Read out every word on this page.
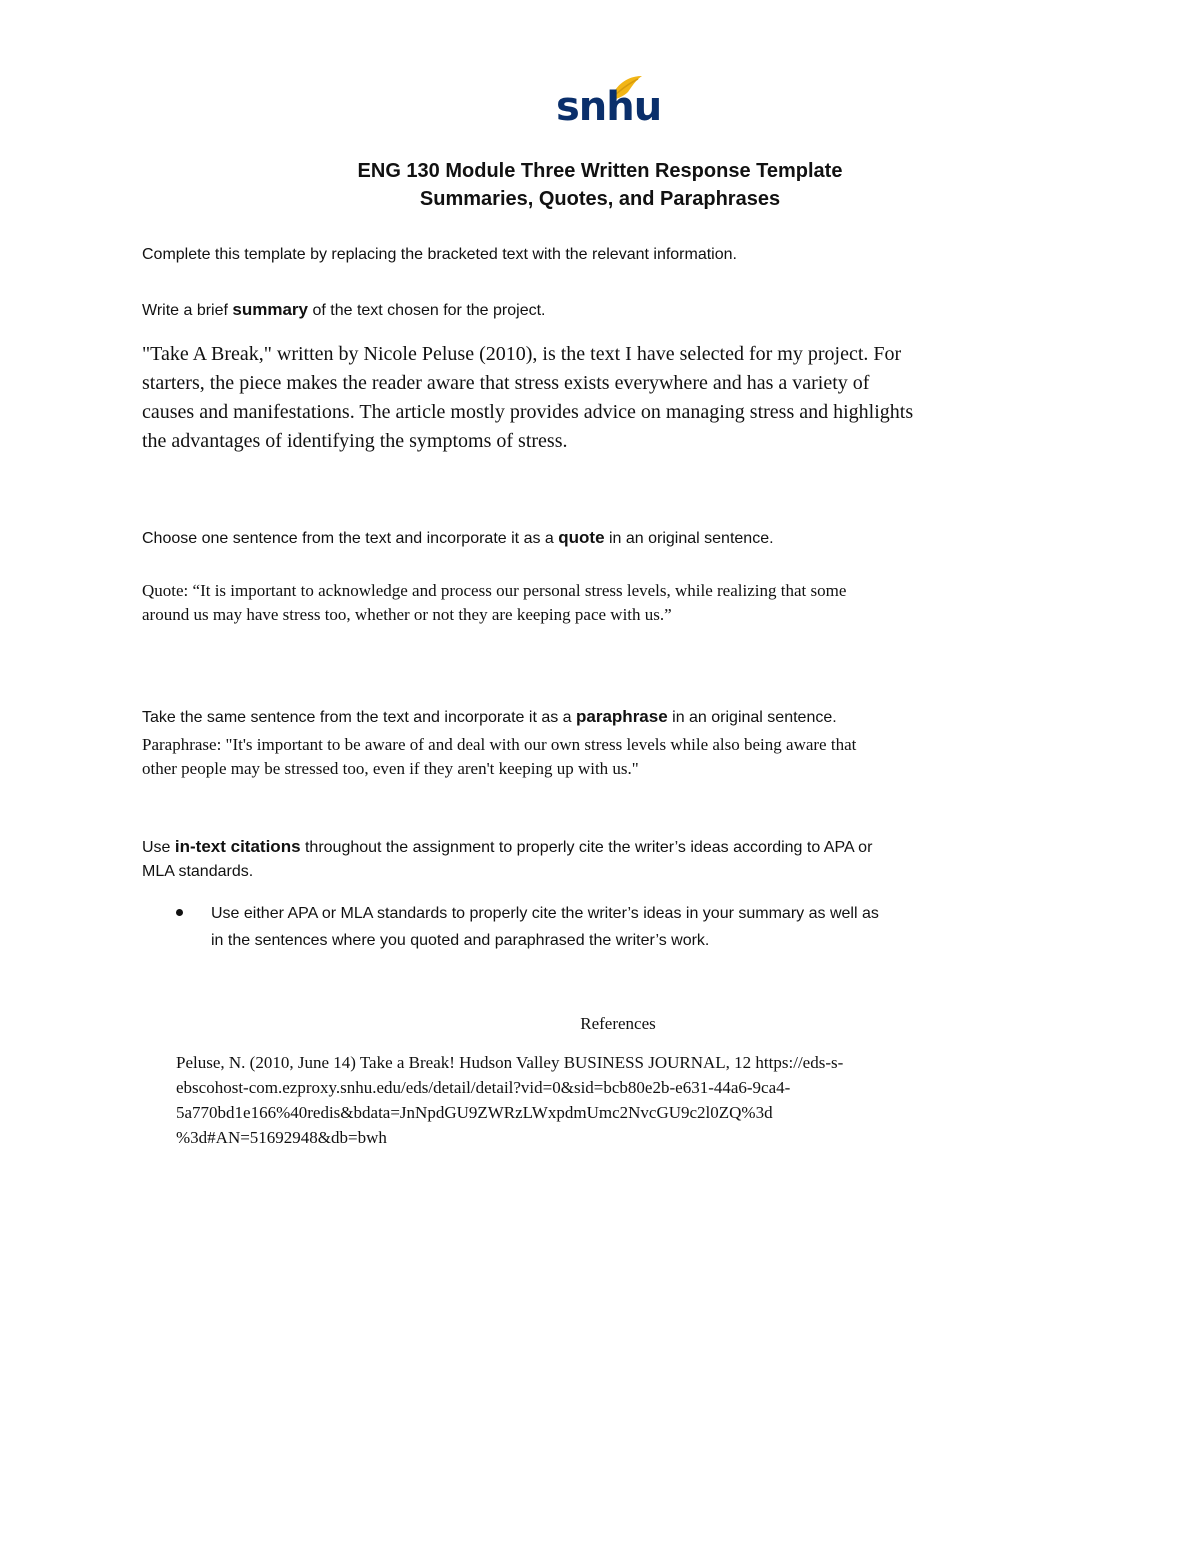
snhu
ENG 130 Module Three Written Response Template
Summaries, Quotes, and Paraphrases
Complete this template by replacing the bracketed text with the relevant information.
Write a brief summary of the text chosen for the project.
"Take A Break," written by Nicole Peluse (2010), is the text I have selected for my project. For
starters, the piece makes the reader aware that stress exists everywhere and has a variety of
causes and manifestations. The article mostly provides advice on managing stress and highlights
the advantages of identifying the symptoms of stress.
Choose one sentence from the text and incorporate it as a quote in an original sentence.
Quote: “It is important to acknowledge and process our personal stress levels, while realizing that some
around us may have stress too, whether or not they are keeping pace with us.”
Take the same sentence from the text and incorporate it as a paraphrase in an original sentence.
Paraphrase: "It's important to be aware of and deal with our own stress levels while also being aware that
other people may be stressed too, even if they aren't keeping up with us."
Use in-text citations throughout the assignment to properly cite the writer’s ideas according to APA or
MLA standards.
Use either APA or MLA standards to properly cite the writer’s ideas in your summary as well as
in the sentences where you quoted and paraphrased the writer’s work.
References
Peluse, N. (2010, June 14) Take a Break! Hudson Valley BUSINESS JOURNAL, 12 https://eds-s-
ebscohost-com.ezproxy.snhu.edu/eds/detail/detail?vid=0&sid=bcb80e2b-e631-44a6-9ca4-
5a770bd1e166%40redis&bdata=JnNpdGU9ZWRzLWxpdmUmc2NvcGU9c2l0ZQ%3d
%3d#AN=51692948&db=bwh
